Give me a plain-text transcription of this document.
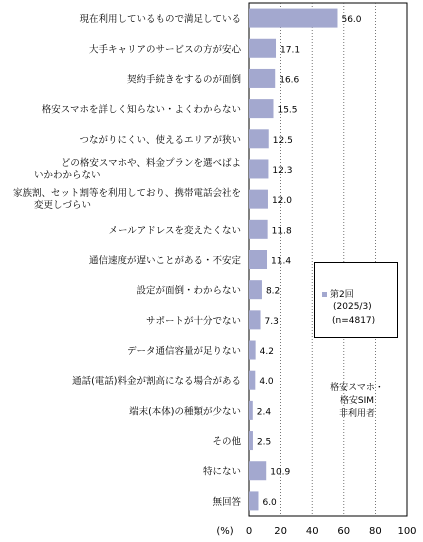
0 20 40 60 80 100
(%)
56.0
現在利用しているもので満足している
17.1
大手キャリアのサービスの方が安心
16.6
契約手続きをするのが面倒
15.5
格安スマホを詳しく知らない・よくわからない
12.5
つながりにくい、使えるエリアが狭い
12.3
どの格安スマホや、料金プランを選べばよいかわからない
12.0
家族割、セット割等を利用しており、携帯電話会社を変更しづらい
11.8
メールアドレスを変えたくない
11.4
通信速度が遅いことがある・不安定
8.2
設定が面倒・わからない
7.3
サポートが十分でない
4.2
データ通信容量が足りない
4.0
通話(電話)料金が割高になる場合がある
2.4
端末(本体)の種類が少ない
2.5
その他
10.9
特にない
6.0
無回答
第2回
(2025/3)
(n=4817)
格安スマホ・
格安SIM
非利用者
